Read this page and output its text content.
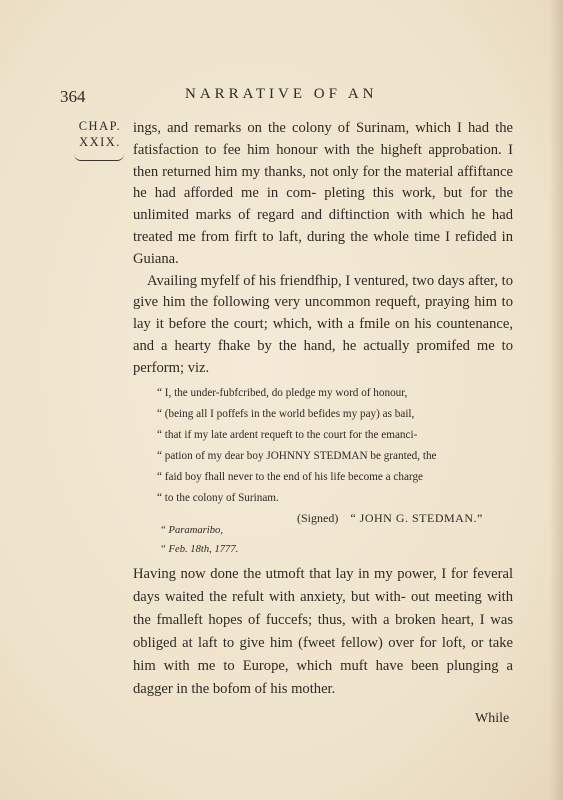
364	NARRATIVE OF AN
CHAP.
XXIX.

ings, and remarks on the colony of Surinam, which I had the fatisfaction to fee him honour with the higheft approbation. I then returned him my thanks, not only for the material affiftance he had afforded me in com- pleting this work, but for the unlimited marks of regard and diftinction with which he had treated me from firft to laft, during the whole time I refided in Guiana.

Availing myfelf of his friendfhip, I ventured, two days after, to give him the following very uncommon requeft, praying him to lay it before the court; which, with a fmile on his countenance, and a hearty fhake by the hand, he actually promifed me to perform; viz.

“ I, the under-fubfcribed, do pledge my word of honour,
“ (being all I poffefs in the world befides my pay) as bail,
“ that if my late ardent requeft to the court for the emanci-
“ pation of my dear boy JOHNNY STEDMAN be granted, the
“ faid boy fhall never to the end of his life become a charge
“ to the colony of Surinam.
(Signed) “ JOHN G. STEDMAN.”
“ Paramaribo,
“ Feb. 18th, 1777.
Having now done the utmoft that lay in my power, I for feveral days waited the refult with anxiety, but with- out meeting with the fmalleft hopes of fuccefs; thus, with a broken heart, I was obliged at laft to give him (fweet fellow) over for loft, or take him with me to Europe, which muft have been plunging a dagger in the bofom of his mother.
While
